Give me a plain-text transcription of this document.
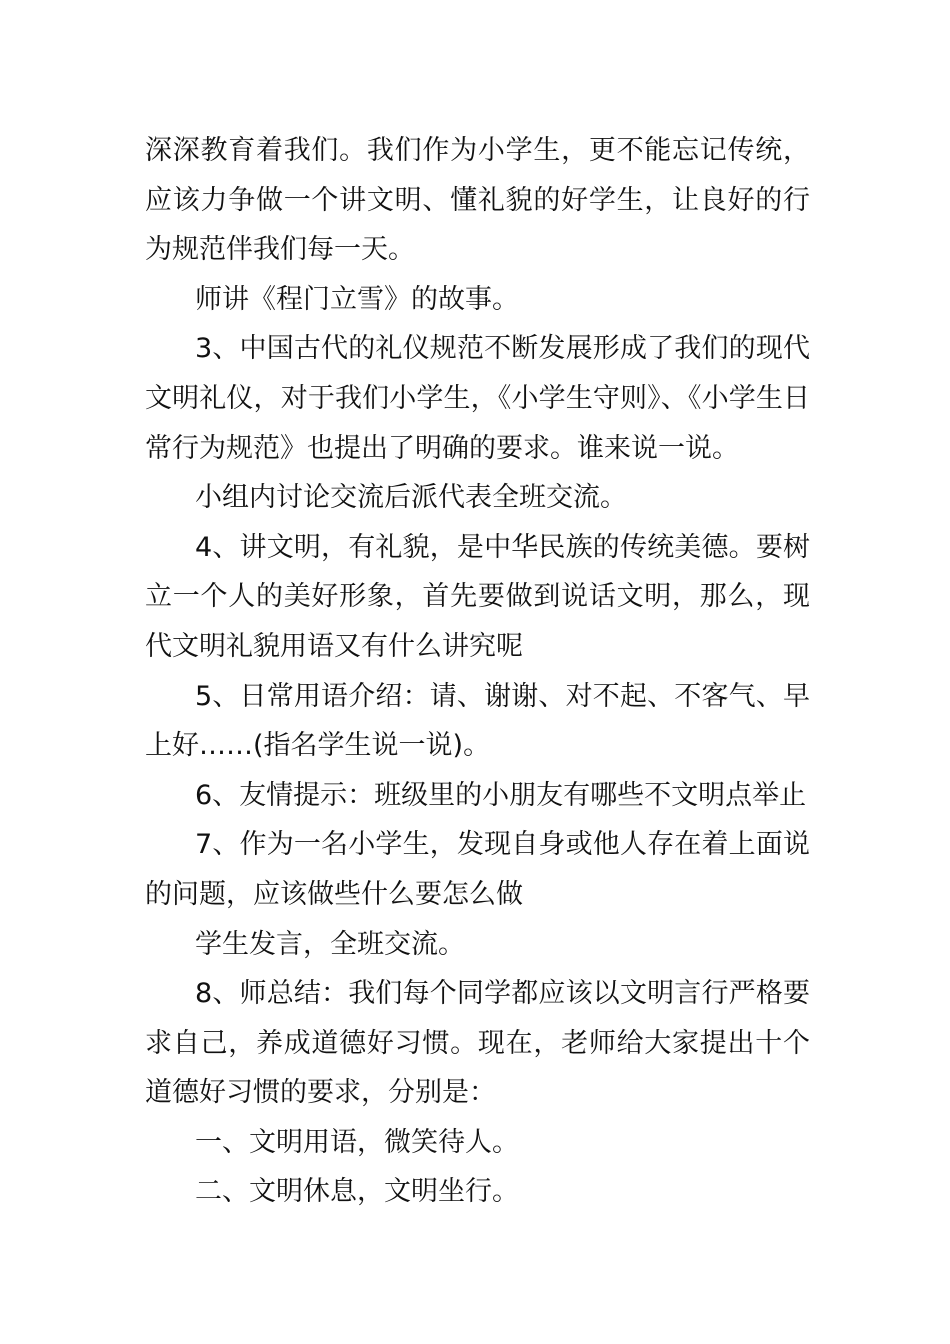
深深教育着我们。我们作为小学生，更不能忘记传统，应该力争做一个讲文明、懂礼貌的好学生，让良好的行为规范伴我们每一天。

师讲《程门立雪》的故事。

3、中国古代的礼仪规范不断发展形成了我们的现代文明礼仪，对于我们小学生，《小学生守则》、《小学生日常行为规范》也提出了明确的要求。谁来说一说。

小组内讨论交流后派代表全班交流。

4、讲文明，有礼貌，是中华民族的传统美德。要树立一个人的美好形象，首先要做到说话文明，那么，现代文明礼貌用语又有什么讲究呢

5、日常用语介绍：请、谢谢、对不起、不客气、早上好……(指名学生说一说)。

6、友情提示：班级里的小朋友有哪些不文明点举止

7、作为一名小学生，发现自身或他人存在着上面说的问题，应该做些什么要怎么做

学生发言，全班交流。

8、师总结：我们每个同学都应该以文明言行严格要求自己，养成道德好习惯。现在，老师给大家提出十个道德好习惯的要求，分别是：

一、文明用语，微笑待人。

二、文明休息，文明坐行。
